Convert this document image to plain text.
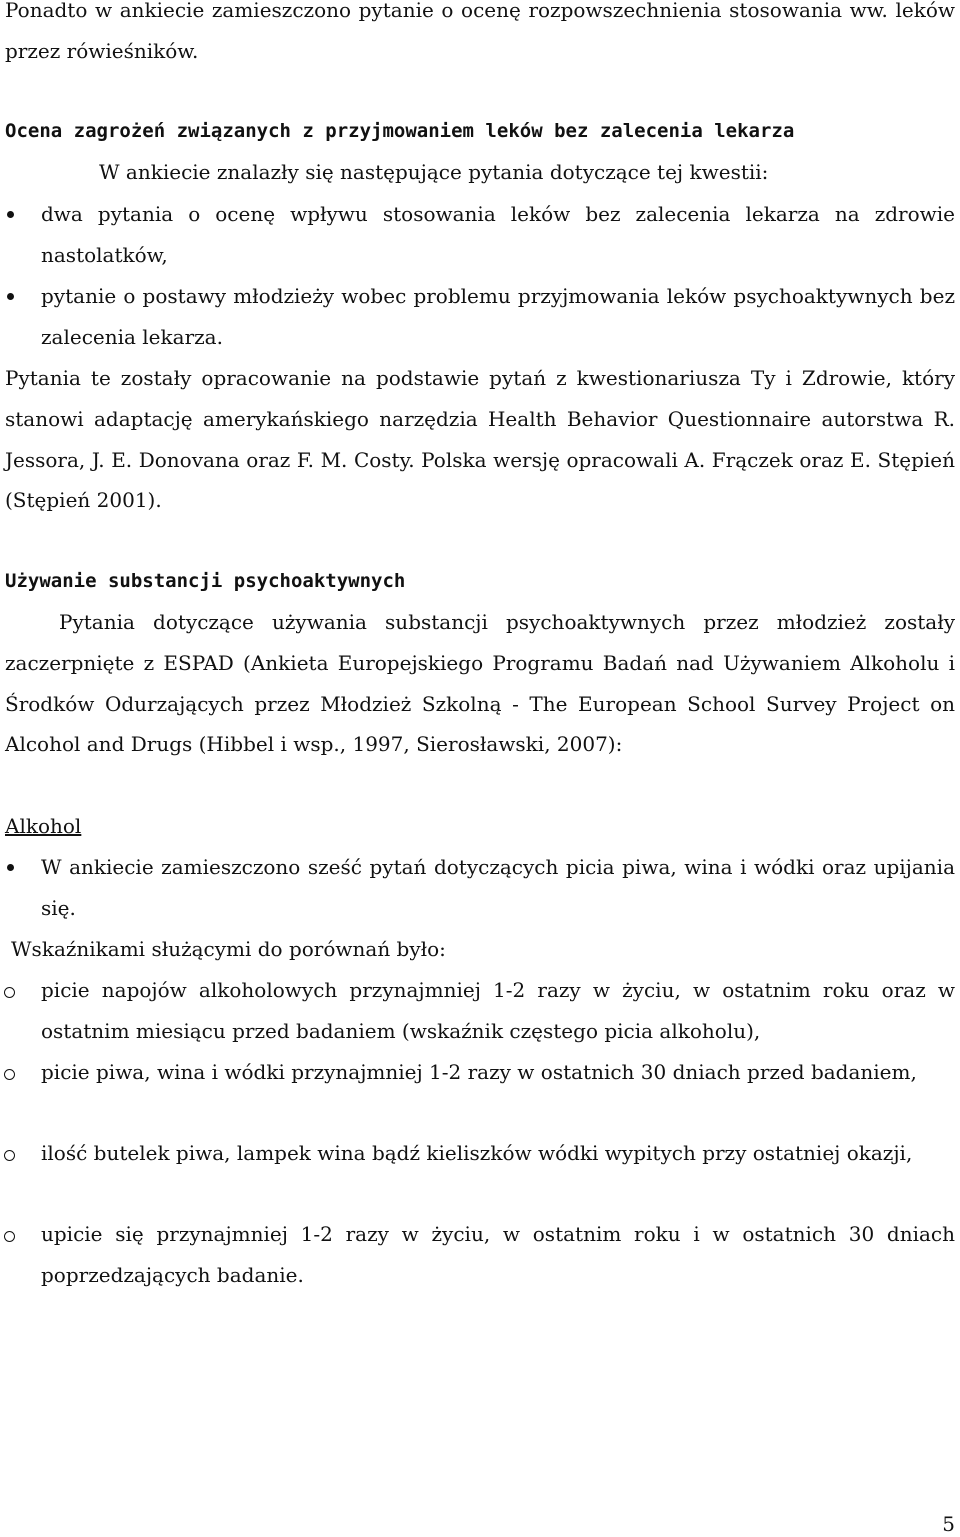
Ponadto w ankiecie zamieszczono pytanie o ocenę rozpowszechnienia stosowania ww. leków przez rówieśników.

Ocena zagrożeń związanych z przyjmowaniem leków bez zalecenia lekarza

W ankiecie znalazły się następujące pytania dotyczące tej kwestii:

dwa pytania o ocenę wpływu stosowania leków bez zalecenia lekarza na zdrowie nastolatków,

pytanie o postawy młodzieży wobec problemu przyjmowania leków psychoaktywnych bez zalecenia lekarza.

Pytania te zostały opracowanie na podstawie pytań z kwestionariusza Ty i Zdrowie, który stanowi adaptację amerykańskiego narzędzia Health Behavior Questionnaire autorstwa R. Jessora, J. E. Donovana oraz F. M. Costy. Polska wersję opracowali A. Frączek oraz E. Stępień (Stępień 2001).

Używanie substancji psychoaktywnych

Pytania dotyczące używania substancji psychoaktywnych przez młodzież zostały zaczerpnięte z ESPAD (Ankieta Europejskiego Programu Badań nad Używaniem Alkoholu i Środków Odurzających przez Młodzież Szkolną - The European School Survey Project on Alcohol and Drugs (Hibbel i wsp., 1997, Sierosławski, 2007):

Alkohol

W ankiecie zamieszczono sześć pytań dotyczących picia piwa, wina i wódki oraz upijania się.

Wskaźnikami służącymi do porównań było:

picie napojów alkoholowych przynajmniej 1-2 razy w życiu, w ostatnim roku oraz w ostatnim miesiącu przed badaniem (wskaźnik częstego picia alkoholu),

picie piwa, wina i wódki przynajmniej 1-2 razy w ostatnich 30 dniach przed badaniem,

ilość butelek piwa, lampek wina bądź kieliszków wódki wypitych przy ostatniej okazji,

upicie się przynajmniej 1-2 razy w życiu, w ostatnim roku i w ostatnich 30 dniach poprzedzających badanie.

5
